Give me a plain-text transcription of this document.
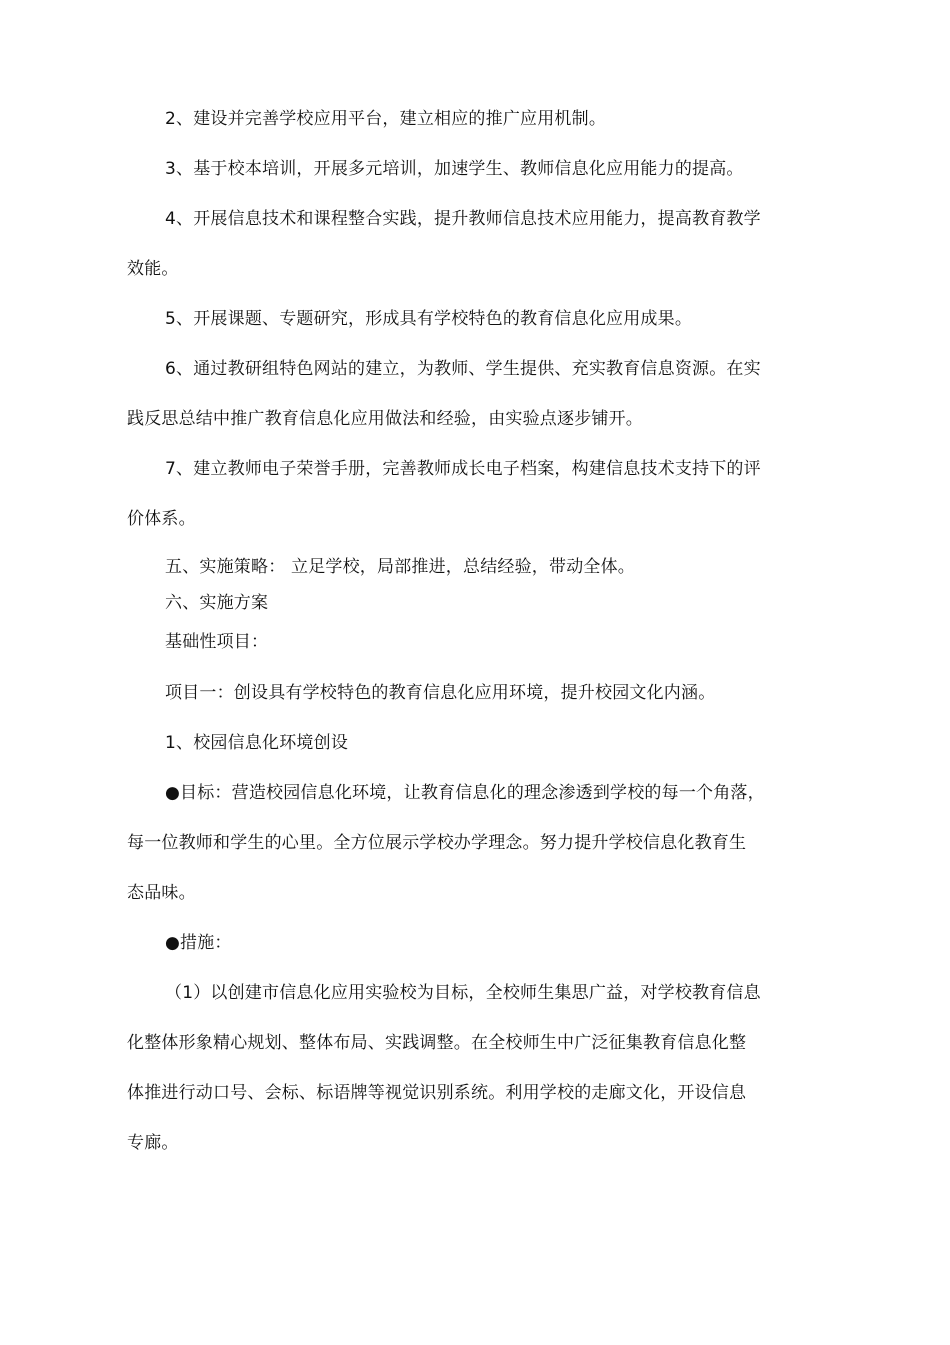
2、建设并完善学校应用平台，建立相应的推广应用机制。
3、基于校本培训，开展多元培训，加速学生、教师信息化应用能力的提高。
4、开展信息技术和课程整合实践，提升教师信息技术应用能力，提高教育教学
效能。
5、开展课题、专题研究，形成具有学校特色的教育信息化应用成果。
6、通过教研组特色网站的建立，为教师、学生提供、充实教育信息资源。在实
践反思总结中推广教育信息化应用做法和经验，由实验点逐步铺开。
7、建立教师电子荣誉手册，完善教师成长电子档案，构建信息技术支持下的评
价体系。
五、实施策略： 立足学校，局部推进，总结经验，带动全体。
六、实施方案
基础性项目：
项目一：创设具有学校特色的教育信息化应用环境，提升校园文化内涵。
1、校园信息化环境创设
●目标：营造校园信息化环境，让教育信息化的理念渗透到学校的每一个角落，
每一位教师和学生的心里。全方位展示学校办学理念。努力提升学校信息化教育生
态品味。
●措施：
（1）以创建市信息化应用实验校为目标，全校师生集思广益，对学校教育信息
化整体形象精心规划、整体布局、实践调整。在全校师生中广泛征集教育信息化整
体推进行动口号、会标、标语牌等视觉识别系统。利用学校的走廊文化，开设信息
专廊。
